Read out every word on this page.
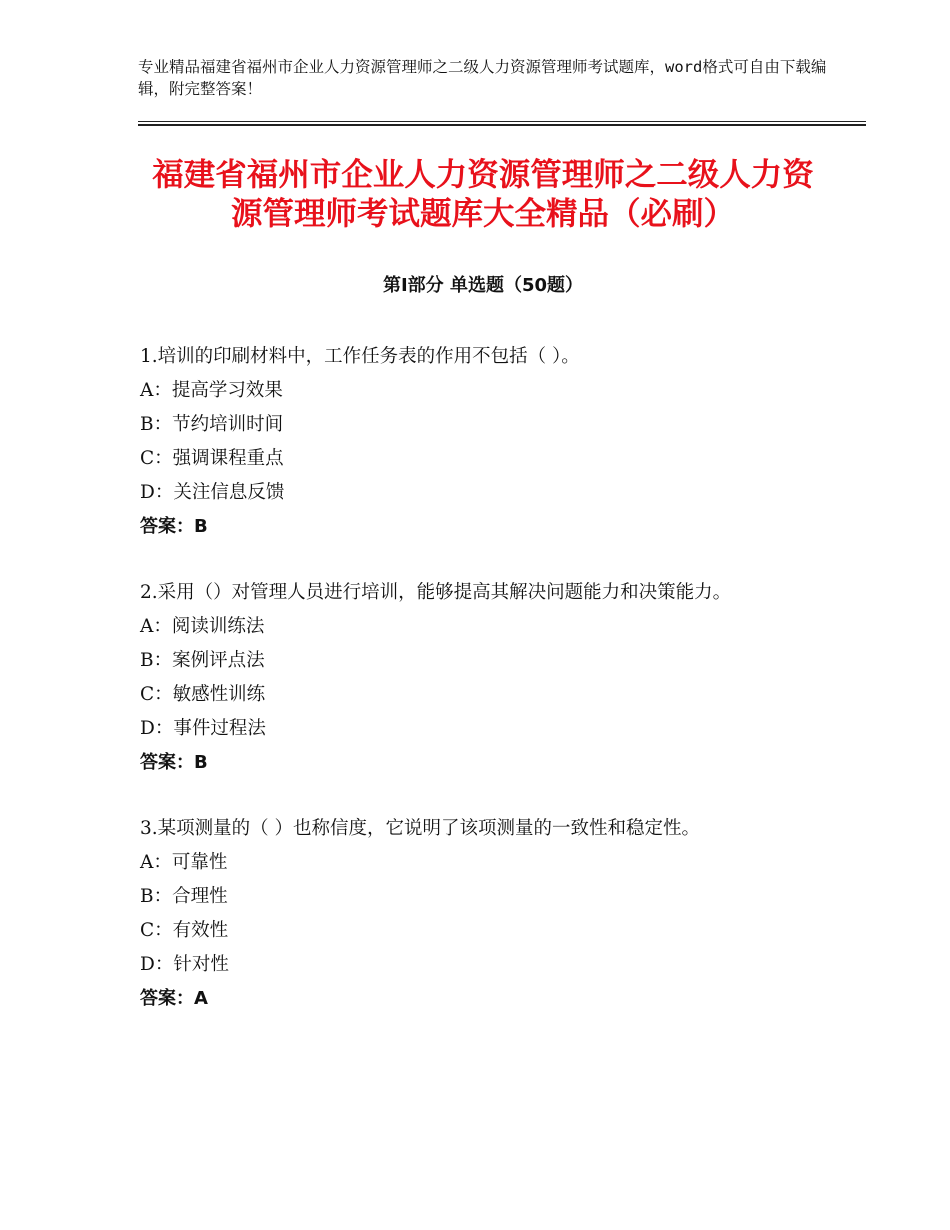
专业精品福建省福州市企业人力资源管理师之二级人力资源管理师考试题库，word格式可自由下载编辑，附完整答案！
福建省福州市企业人力资源管理师之二级人力资源管理师考试题库大全精品（必刷）
第Ⅰ部分 单选题（50题）

1.培训的印刷材料中，工作任务表的作用不包括（ ）。

A：提高学习效果

B：节约培训时间

C：强调课程重点

D：关注信息反馈

答案：B

2.采用（）对管理人员进行培训，能够提高其解决问题能力和决策能力。

A：阅读训练法

B：案例评点法

C：敏感性训练

D：事件过程法

答案：B

3.某项测量的（ ）也称信度，它说明了该项测量的一致性和稳定性。

A：可靠性

B：合理性

C：有效性

D：针对性

答案：A
